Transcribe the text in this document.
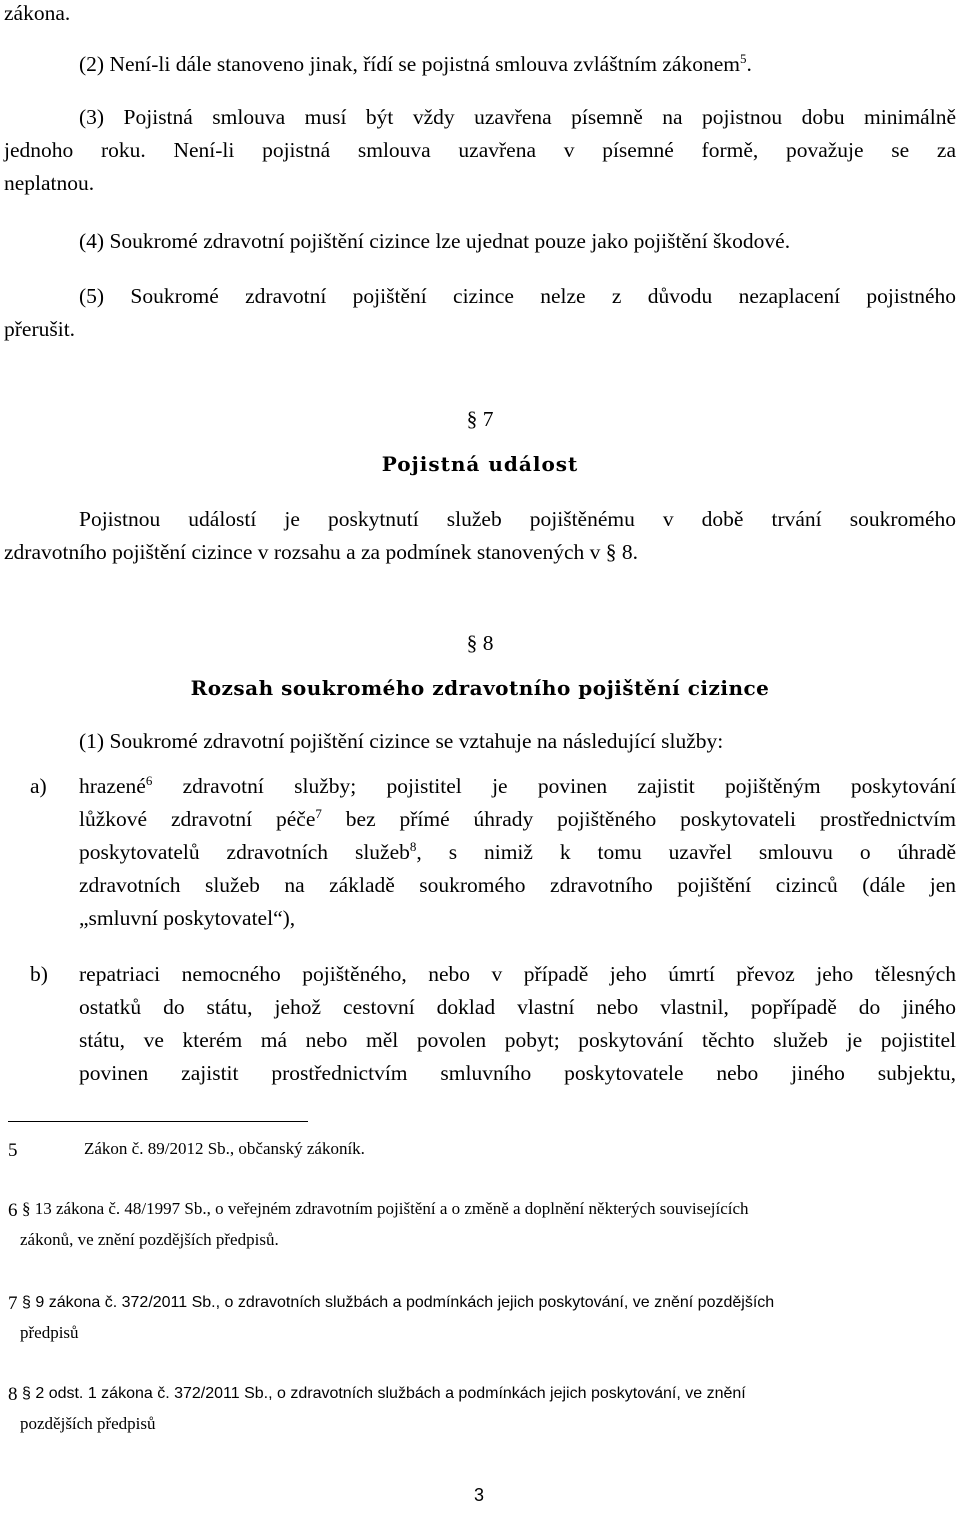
zákona.
(2) Není-li dále stanoveno jinak, řídí se pojistná smlouva zvláštním zákonem$^5$.
(3) Pojistná smlouva musí být vždy uzavřena písemně na pojistnou dobu minimálně
jednoho roku. Není-li pojistná smlouva uzavřena v písemné formě, považuje se za
neplatnou.
(4) Soukromé zdravotní pojištění cizince lze ujednat pouze jako pojištění škodové.
(5) Soukromé zdravotní pojištění cizince nelze z důvodu nezaplacení pojistného
přerušit.
§ 7
Pojistná událost
Pojistnou událostí je poskytnutí služeb pojištěnému v době trvání soukromého
zdravotního pojištění cizince v rozsahu a za podmínek stanovených v § 8.
§ 8
Rozsah soukromého zdravotního pojištění cizince
(1) Soukromé zdravotní pojištění cizince se vztahuje na následující služby:
a) hrazené$^6$ zdravotní služby; pojistitel je povinen zajistit pojištěným poskytování
lůžkové zdravotní péče$^7$ bez přímé úhrady pojištěného poskytovateli prostřednictvím
poskytovatelů zdravotních služeb$^8$, s nimiž k tomu uzavřel smlouvu o úhradě
zdravotních služeb na základě soukromého zdravotního pojištění cizinců (dále jen
„smluvní poskytovatel“),
b) repatriaci nemocného pojištěného, nebo v případě jeho úmrtí převoz jeho tělesných
ostatků do státu, jehož cestovní doklad vlastní nebo vlastnil, popřípadě do jiného
státu, ve kterém má nebo měl povolen pobyt; poskytování těchto služeb je pojistitel
povinen zajistit prostřednictvím smluvního poskytovatele nebo jiného subjektu,
5	Zákon č. 89/2012 Sb., občanský zákoník.
6 § 13 zákona č. 48/1997 Sb., o veřejném zdravotním pojištění a o změně a doplnění některých souvisejících
zákonů, ve znění pozdějších předpisů.
7 § 9 zákona č. 372/2011 Sb., o zdravotních službách a podmínkách jejich poskytování, ve znění pozdějších
předpisů
8 § 2 odst. 1 zákona č. 372/2011 Sb., o zdravotních službách a podmínkách jejich poskytování, ve znění
pozdějších předpisů
3
